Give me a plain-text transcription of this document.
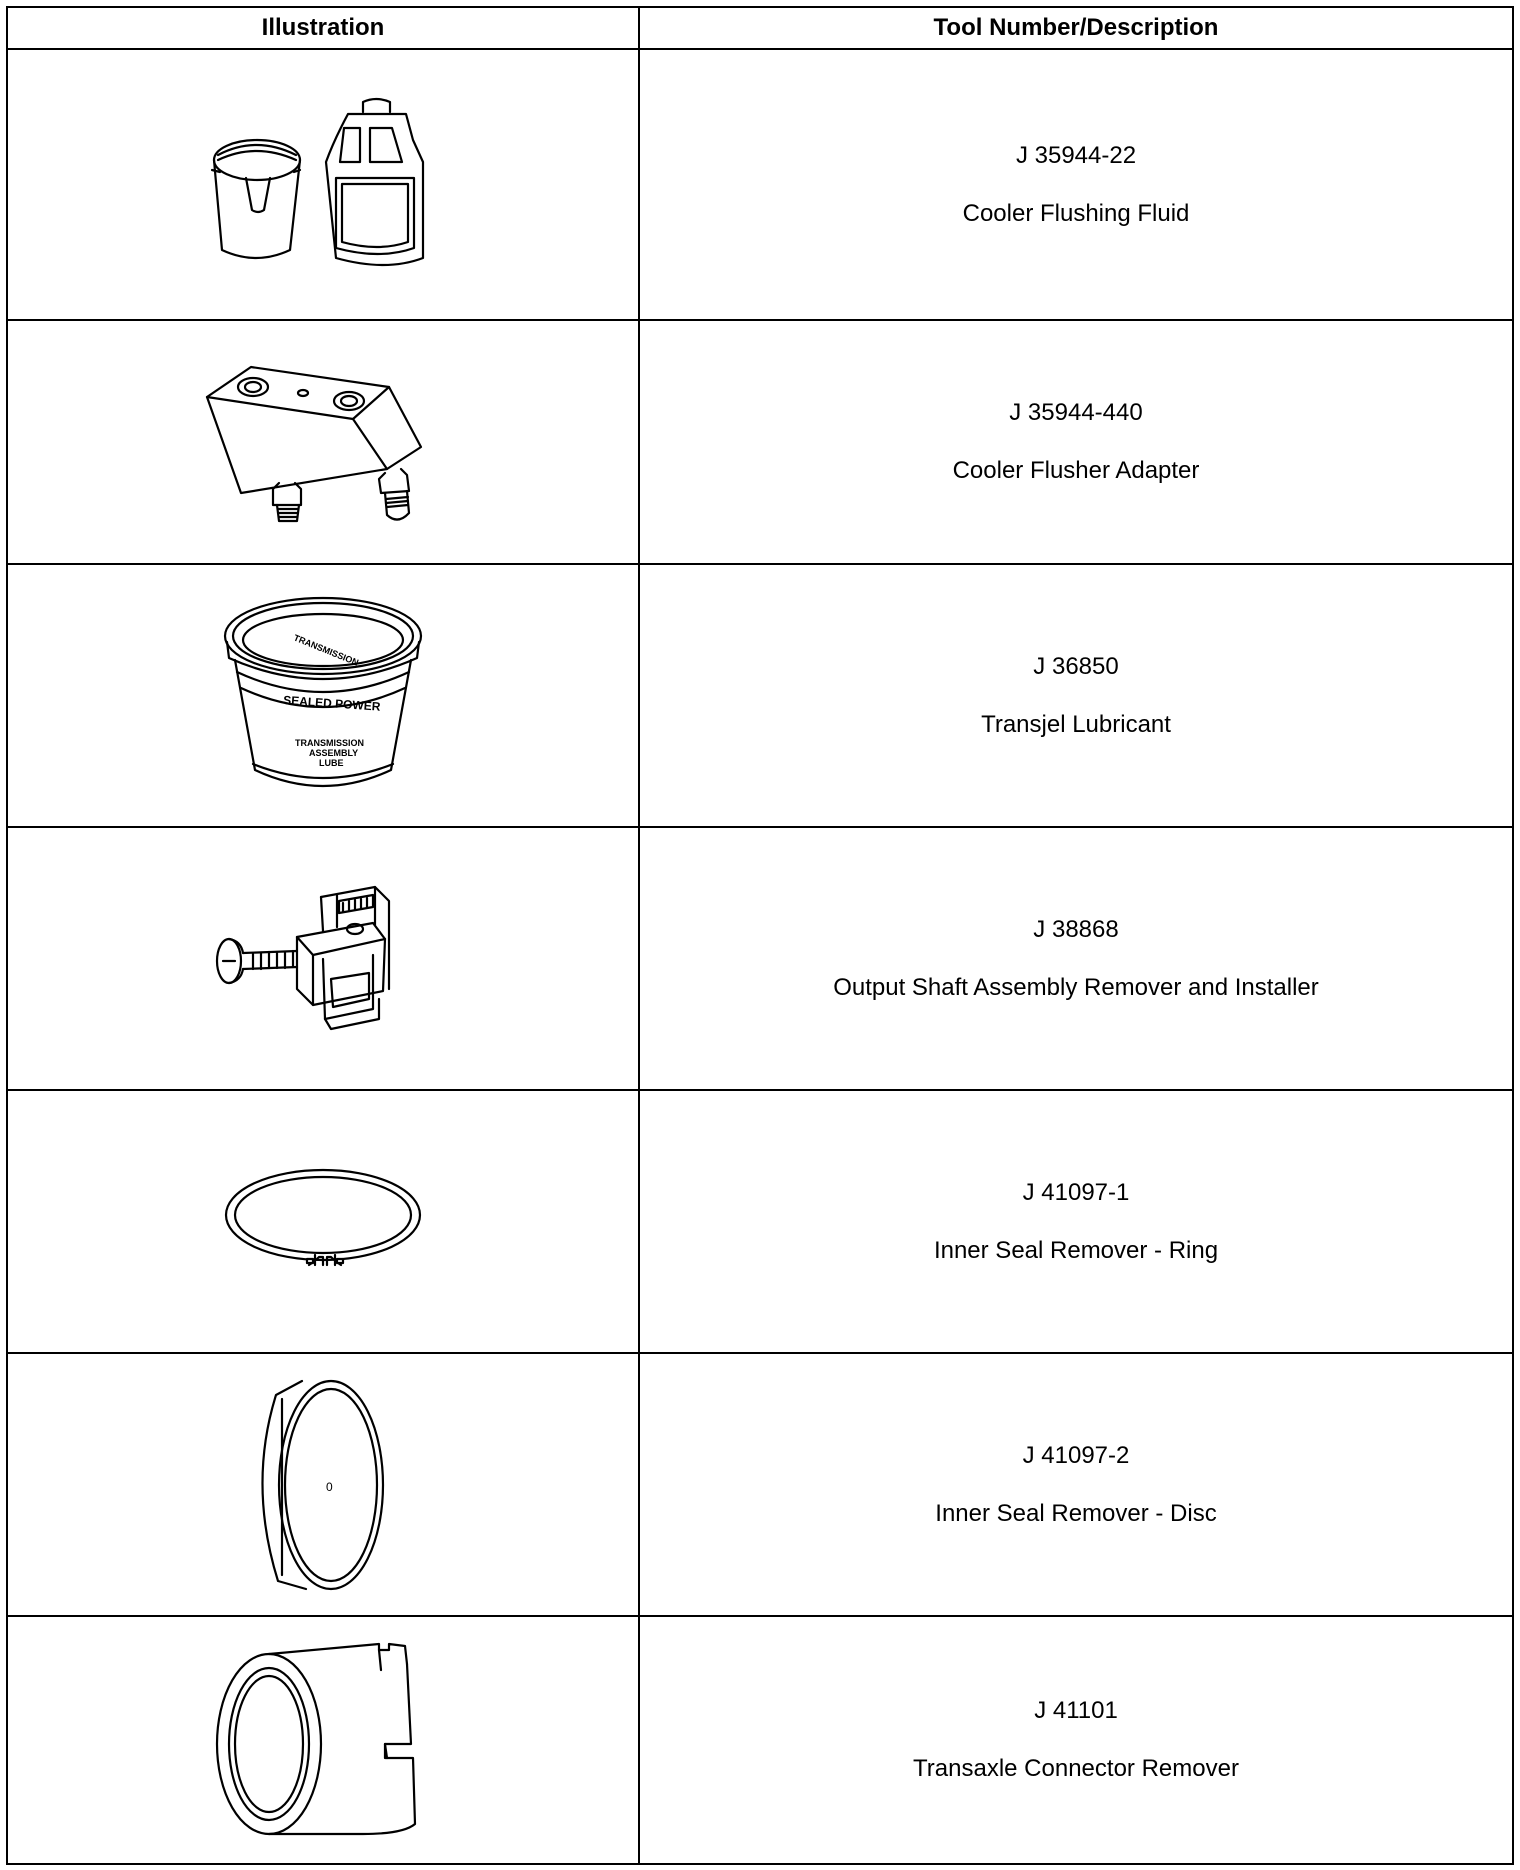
Illustration	Tool Number/Description
J 35944-22
Cooler Flushing Fluid
J 35944-440
Cooler Flusher Adapter
TRANSMISSION
SEALED POWER
TRANSMISSION
ASSEMBLY
LUBE
J 36850
Transjel Lubricant
J 38868
Output Shaft Assembly Remover and Installer
J 41097-1
Inner Seal Remover - Ring
0
J 41097-2
Inner Seal Remover - Disc
J 41101
Transaxle Connector Remover
